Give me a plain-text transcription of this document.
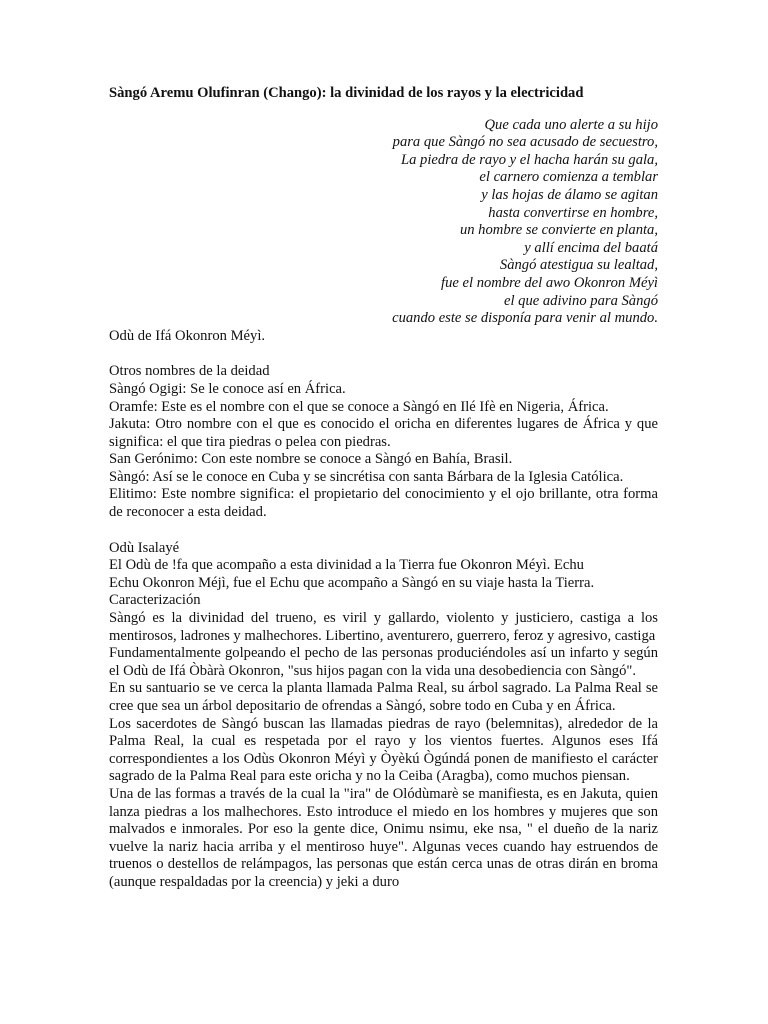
Sàngó Aremu Olufinran (Chango): la divinidad de los rayos y la electricidad

Que cada uno alerte a su hijo
para que Sàngó no sea acusado de secuestro,
La piedra de rayo y el hacha harán su gala,
el carnero comienza a temblar
y las hojas de álamo se agitan
hasta convertirse en hombre,
un hombre se convierte en planta,
y allí encima del baatá
Sàngó atestigua su lealtad,
fue el nombre del awo Okonron Méyì
el que adivino para Sàngó
cuando este se disponía para venir al mundo.

Odù de Ifá Okonron Méyì.

Otros nombres de la deidad

Sàngó Ogigi: Se le conoce así en África.

Oramfe: Este es el nombre con el que se conoce a Sàngó en Ilé Ifè en Nigeria, África.

Jakuta: Otro nombre con el que es conocido el oricha en diferentes lugares de África y que significa: el que tira piedras o pelea con piedras.

San Gerónimo: Con este nombre se conoce a Sàngó en Bahía, Brasil.

Sàngó: Así se le conoce en Cuba y se sincrétisa con santa Bárbara de la Iglesia Católica.

Elitimo: Este nombre significa: el propietario del conocimiento y el ojo brillante, otra forma de reconocer a esta deidad.

Odù Isalayé

El Odù de !fa que acompaño a esta divinidad a la Tierra fue Okonron Méyì. Echu

Echu Okonron Méjì, fue el Echu que acompaño a Sàngó en su viaje hasta la Tierra.

Caracterización

Sàngó es la divinidad del trueno, es viril y gallardo, violento y justiciero, castiga a los mentirosos, ladrones y malhechores. Libertino, aventurero, guerrero, feroz y agresivo, castiga

Fundamentalmente golpeando el pecho de las personas produciéndoles así un infarto y según el Odù de Ifá Òbàrà Okonron, "sus hijos pagan con la vida una desobediencia con Sàngó".

En su santuario se ve cerca la planta llamada Palma Real, su árbol sagrado. La Palma Real se cree que sea un árbol depositario de ofrendas a Sàngó, sobre todo en Cuba y en África.

Los sacerdotes de Sàngó buscan las llamadas piedras de rayo (belemnitas), alrededor de la Palma Real, la cual es respetada por el rayo y los vientos fuertes. Algunos eses Ifá correspondientes a los Odùs Okonron Méyì y Òyèkú Ògúndá ponen de manifiesto el carácter sagrado de la Palma Real para este oricha y no la Ceiba (Aragba), como muchos piensan.

Una de las formas a través de la cual la "ira" de Olódùmarè se manifiesta, es en Jakuta, quien lanza piedras a los malhechores. Esto introduce el miedo en los hombres y mujeres que son malvados e inmorales. Por eso la gente dice, Onimu nsimu, eke nsa, " el dueño de la nariz vuelve la nariz hacia arriba y el mentiroso huye". Algunas veces cuando hay estruendos de truenos o destellos de relámpagos, las personas que están cerca unas de otras dirán en broma (aunque respaldadas por la creencia) y jeki a duro
